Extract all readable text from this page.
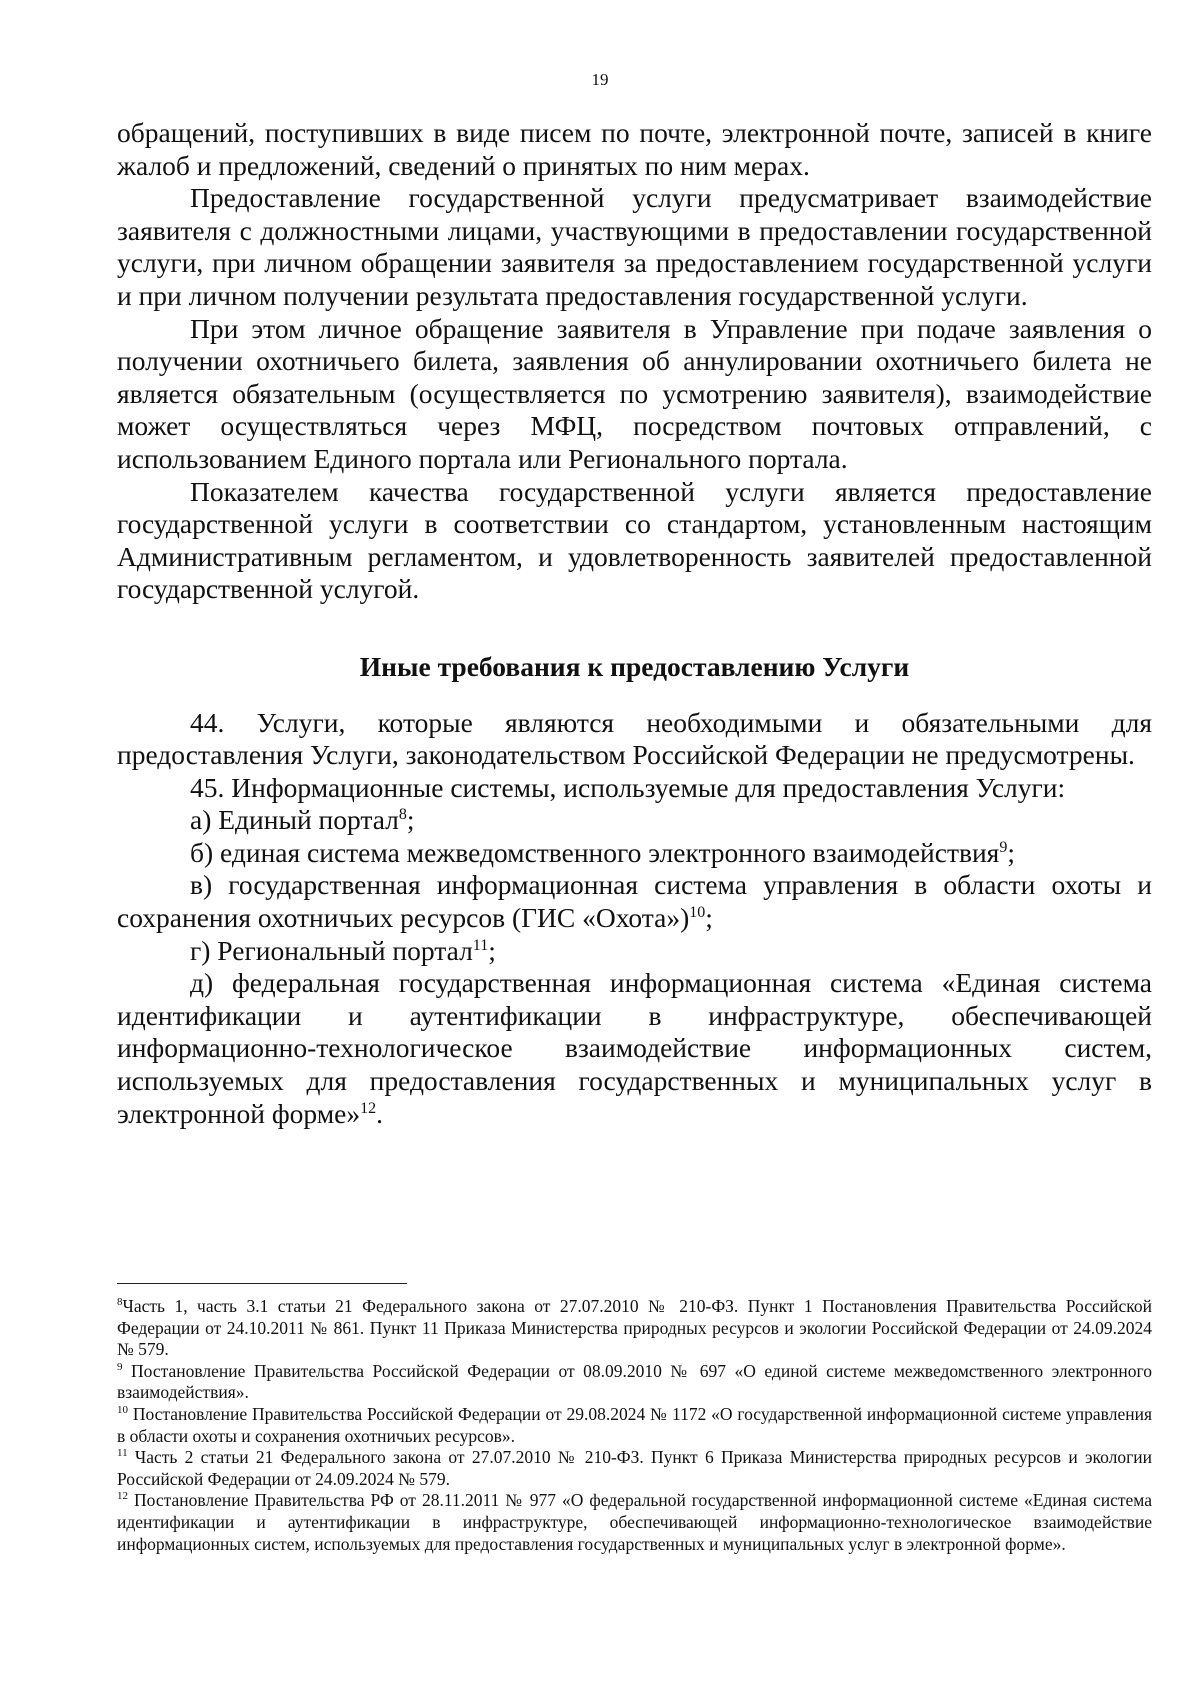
19

обращений, поступивших в виде писем по почте, электронной почте, записей в книге жалоб и предложений, сведений о принятых по ним мерах.

Предоставление государственной услуги предусматривает взаимодействие заявителя с должностными лицами, участвующими в предоставлении государственной услуги, при личном обращении заявителя за предоставлением государственной услуги и при личном получении результата предоставления государственной услуги.

При этом личное обращение заявителя в Управление при подаче заявления о получении охотничьего билета, заявления об аннулировании охотничьего билета не является обязательным (осуществляется по усмотрению заявителя), взаимодействие может осуществляться через МФЦ, посредством почтовых отправлений, с использованием Единого портала или Регионального портала.

Показателем качества государственной услуги является предоставление государственной услуги в соответствии со стандартом, установленным настоящим Административным регламентом, и удовлетворенность заявителей предоставленной государственной услугой.

Иные требования к предоставлению Услуги

44. Услуги, которые являются необходимыми и обязательными для предоставления Услуги, законодательством Российской Федерации не предусмотрены.

45. Информационные системы, используемые для предоставления Услуги:

а) Единый портал$^8$;

б) единая система межведомственного электронного взаимодействия$^9$;

в) государственная информационная система управления в области охоты и сохранения охотничьих ресурсов (ГИС «Охота»)$^{10}$;

г) Региональный портал$^{11}$;

д) федеральная государственная информационная система «Единая система идентификации и аутентификации в инфраструктуре, обеспечивающей информационно-технологическое взаимодействие информационных систем, используемых для предоставления государственных и муниципальных услуг в электронной форме»$^{12}$.

$^8$Часть 1, часть 3.1 статьи 21 Федерального закона от 27.07.2010 № 210-ФЗ. Пункт 1 Постановления Правительства Российской Федерации от 24.10.2011 № 861. Пункт 11 Приказа Министерства природных ресурсов и экологии Российской Федерации от 24.09.2024 № 579.

$^9$ Постановление Правительства Российской Федерации от 08.09.2010 № 697 «О единой системе межведомственного электронного взаимодействия».

$^{10}$ Постановление Правительства Российской Федерации от 29.08.2024 № 1172 «О государственной информационной системе управления в области охоты и сохранения охотничьих ресурсов».

$^{11}$ Часть 2 статьи 21 Федерального закона от 27.07.2010 № 210-ФЗ. Пункт 6 Приказа Министерства природных ресурсов и экологии Российской Федерации от 24.09.2024 № 579.

$^{12}$ Постановление Правительства РФ от 28.11.2011 № 977 «О федеральной государственной информационной системе «Единая система идентификации и аутентификации в инфраструктуре, обеспечивающей информационно-технологическое взаимодействие информационных систем, используемых для предоставления государственных и муниципальных услуг в электронной форме».
